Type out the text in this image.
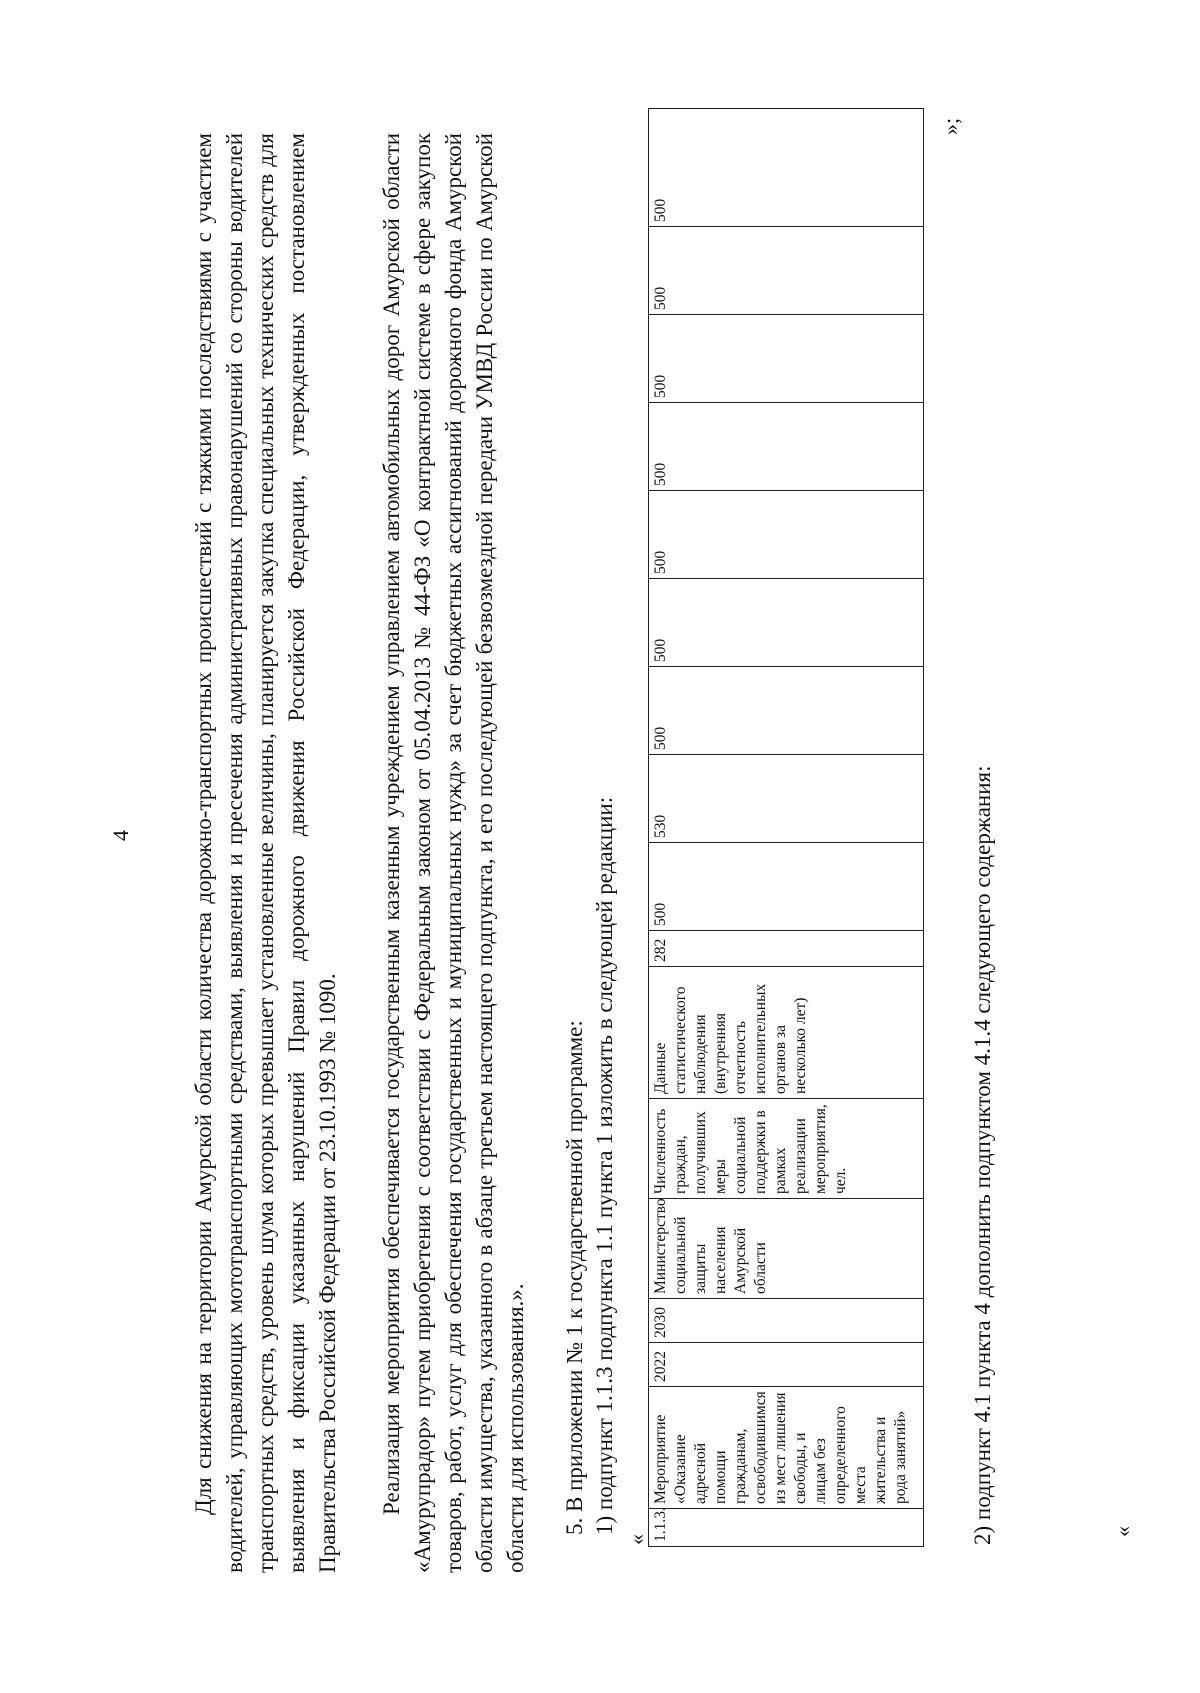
4	Для снижения на территории Амурской области количества дорожно-транспортных происшествий с тяжкими последствиями с участием водителей, управляющих мототранспортными средствами, выявления и пресечения административных правонарушений со стороны водителей транспортных средств, уровень шума которых превышает установленные величины, планируется закупка специальных технических средств для выявления и фиксации указанных нарушений Правил дорожного движения Российской Федерации, утвержденных постановлением Правительства Российской Федерации от 23.10.1993 № 1090. Реализация мероприятия обеспечивается государственным казенным учреждением управлением автомобильных дорог Амурской области «Амурупрадор» путем приобретения с соответствии с Федеральным законом от 05.04.2013 № 44-ФЗ «О контрактной системе в сфере закупок товаров, работ, услуг для обеспечения государственных и муниципальных нужд» за счет бюджетных ассигнований дорожного фонда Амурской области имущества, указанного в абзаце третьем настоящего подпункта, и его последующей безвозмездной передачи УМВД России по Амурской области для использования.». 5. В приложении № 1 к государственной программе: 1) подпункт 1.1.3 подпункта 1.1 пункта 1 изложить в следующей редакции:

« 1.1.3.	Мероприятие «Оказание адресной помощи гражданам, освободившимся из мест лишения свободы, и лицам без определенного места жительства и рода занятий»	2022	2030	Министерство социальной защиты населения Амурской области	Численность граждан, получивших меры социальной поддержки в рамках реализации мероприятия, чел.	Данные статистического наблюдения (внутренняя отчетность исполнительных органов за несколько лет)	282	500	530	500	500	500	500	500	500	500
»;

2) подпункт 4.1 пункта 4 дополнить подпунктом 4.1.4 следующего содержания:	«
